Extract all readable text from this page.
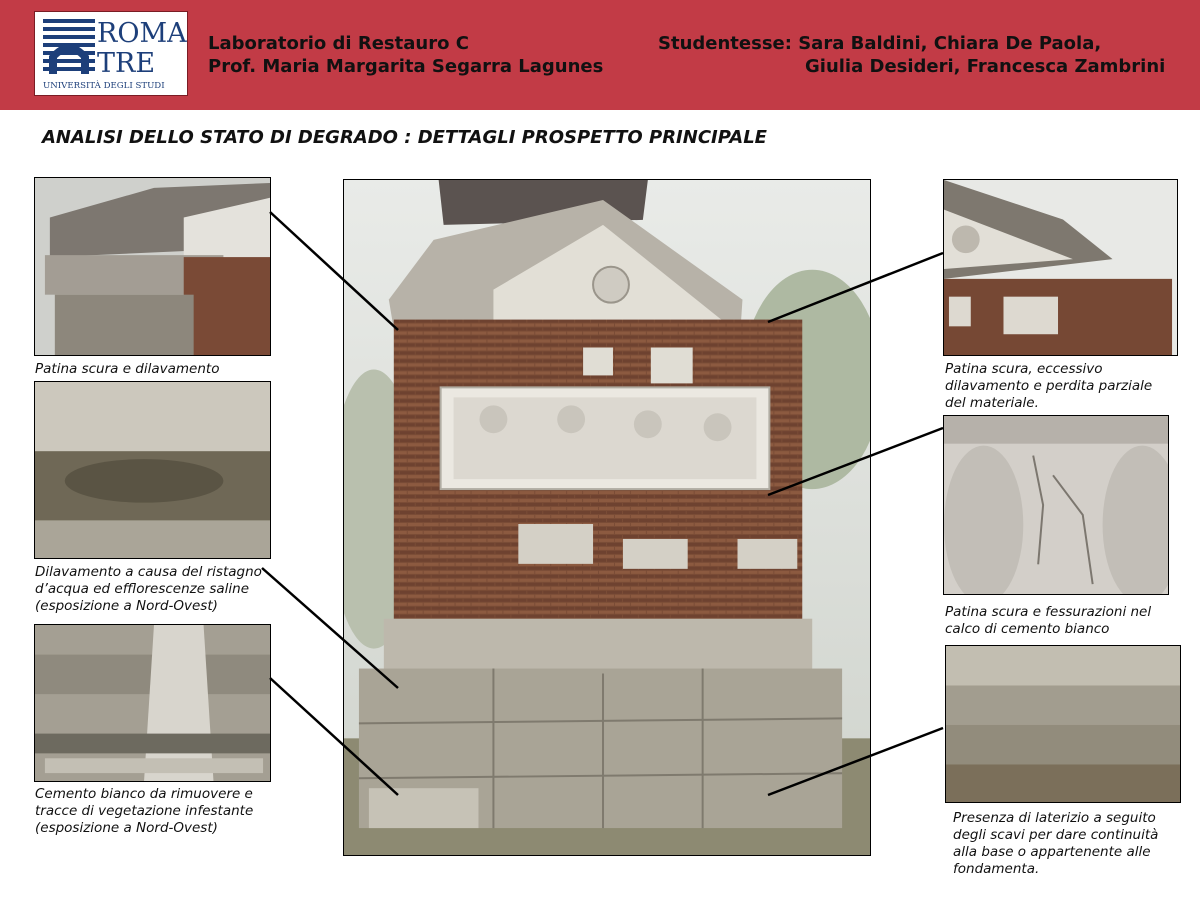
ROMA
TRE
UNIVERSITÀ DEGLI STUDI
Laboratorio di Restauro C
Prof. Maria Margarita Segarra Lagunes
Studentesse: Sara Baldini, Chiara De Paola,
Giulia Desideri, Francesca Zambrini
ANALISI DELLO STATO DI DEGRADO : DETTAGLI PROSPETTO PRINCIPALE
Patina scura e dilavamento
Dilavamento a causa del ristagno
d’acqua ed efflorescenze saline
(esposizione a Nord-Ovest)
Cemento bianco da rimuovere e
tracce di vegetazione infestante
(esposizione a Nord-Ovest)
Patina scura, eccessivo
dilavamento e perdita parziale
del materiale.
Patina scura e fessurazioni nel
calco di cemento bianco
Presenza di laterizio a seguito
degli scavi per dare continuità
alla base o appartenente alle
fondamenta.
